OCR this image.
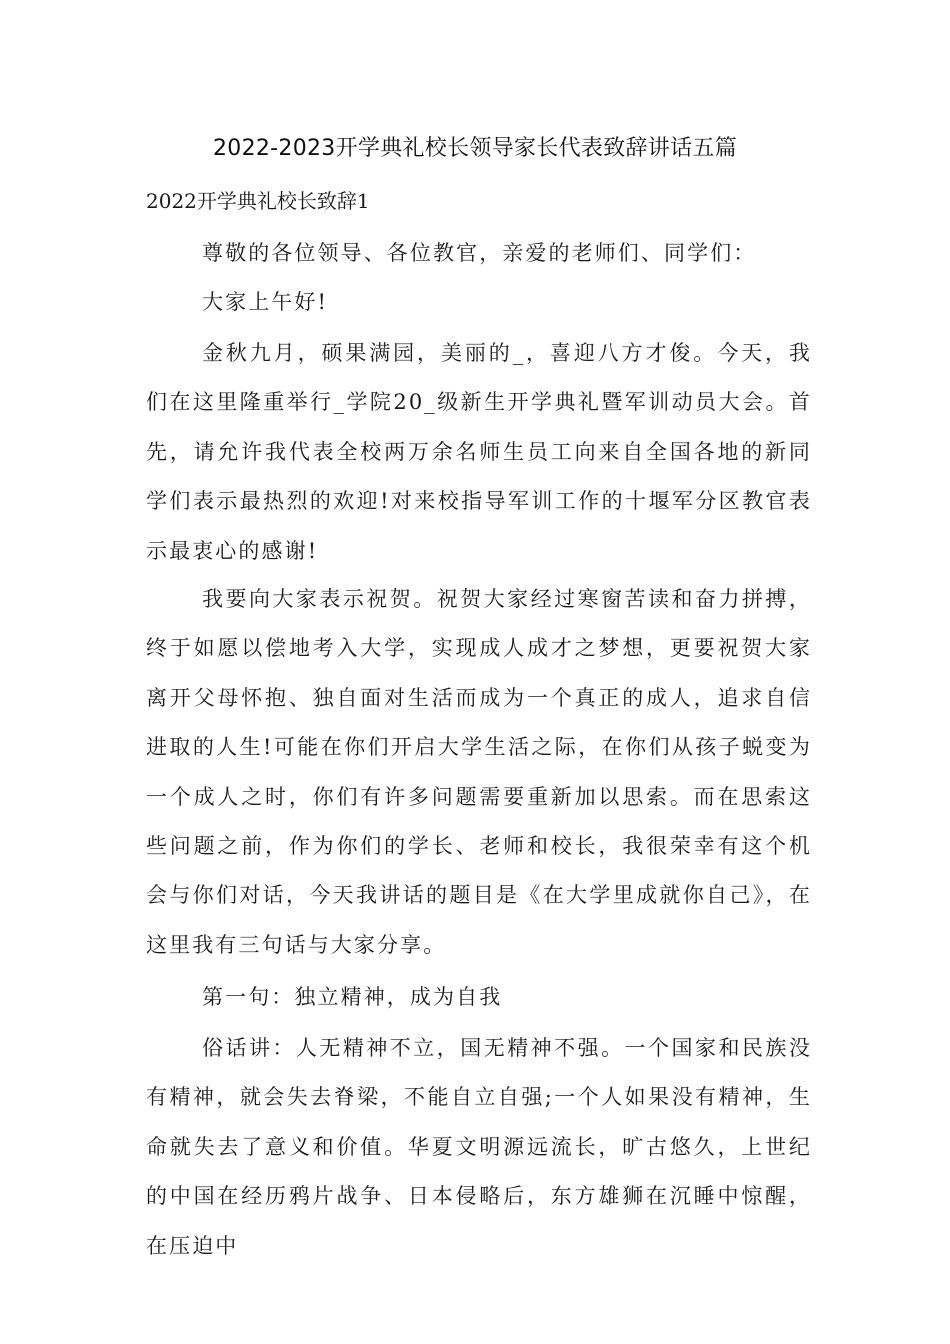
2022-2023开学典礼校长领导家长代表致辞讲话五篇
2022开学典礼校长致辞1
尊敬的各位领导、各位教官，亲爱的老师们、同学们：
大家上午好!

金秋九月，硕果满园，美丽的_，喜迎八方才俊。今天，我们在这里隆重举行_学院20_级新生开学典礼暨军训动员大会。首先，请允许我代表全校两万余名师生员工向来自全国各地的新同学们表示最热烈的欢迎!对来校指导军训工作的十堰军分区教官表示最衷心的感谢!

我要向大家表示祝贺。祝贺大家经过寒窗苦读和奋力拼搏，终于如愿以偿地考入大学，实现成人成才之梦想，更要祝贺大家离开父母怀抱、独自面对生活而成为一个真正的成人，追求自信进取的人生!可能在你们开启大学生活之际，在你们从孩子蜕变为一个成人之时，你们有许多问题需要重新加以思索。而在思索这些问题之前，作为你们的学长、老师和校长，我很荣幸有这个机会与你们对话，今天我讲话的题目是《在大学里成就你自己》，在这里我有三句话与大家分享。

第一句：独立精神，成为自我

俗话讲：人无精神不立，国无精神不强。一个国家和民族没有精神，就会失去脊梁，不能自立自强;一个人如果没有精神，生命就失去了意义和价值。华夏文明源远流长，旷古悠久，上世纪的中国在经历鸦片战争、日本侵略后，东方雄狮在沉睡中惊醒，在压迫中
